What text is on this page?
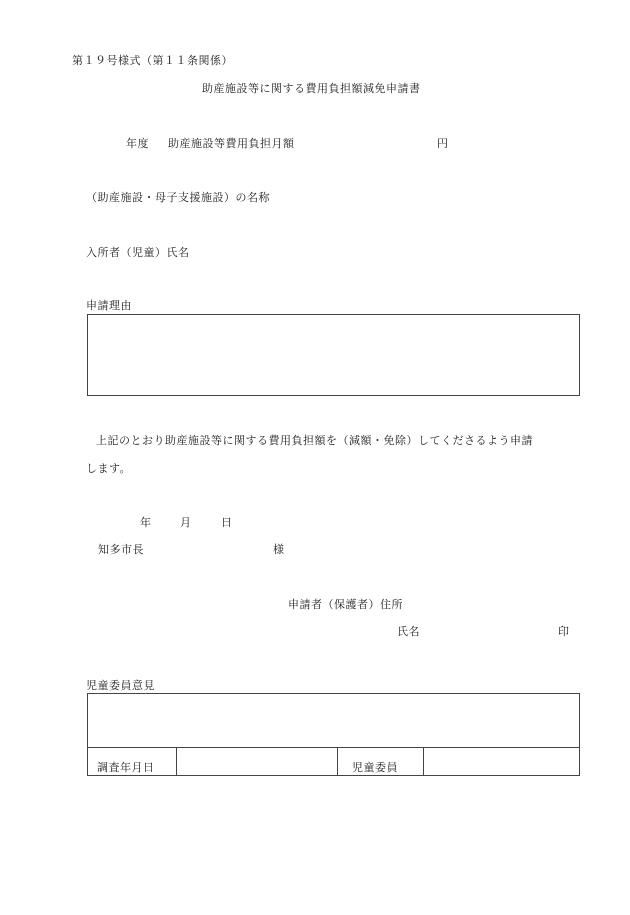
第１９号様式（第１１条関係）
助産施設等に関する費用負担額減免申請書
年度 助産施設等費用負担月額	円
（助産施設・母子支援施設）の名称
入所者（児童）氏名
申請理由
上記のとおり助産施設等に関する費用負担額を（減額・免除）してくださるよう申請
します。
年	月	日
知多市長	様
申請者（保護者）住所
氏名	印
児童委員意見
調査年月日	児童委員
